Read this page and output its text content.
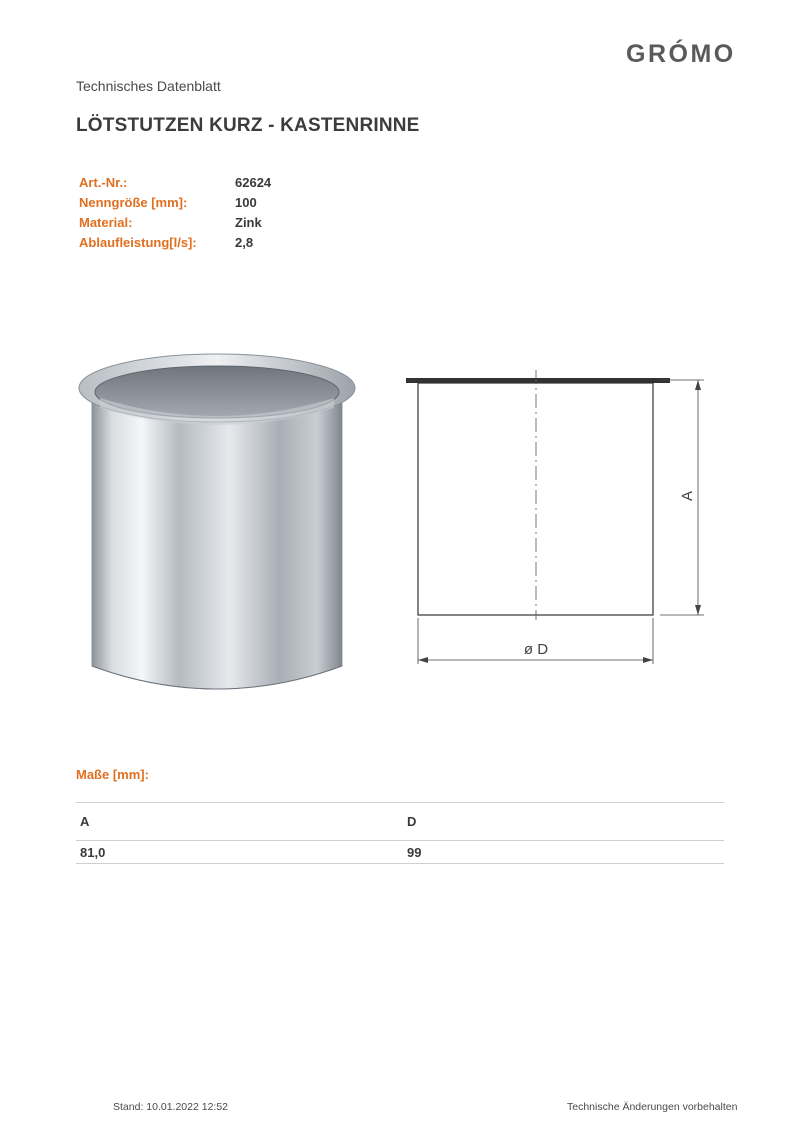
GRÓMO
Technisches Datenblatt
LÖTSTUTZEN KURZ - KASTENRINNE
Art.-Nr.:	62624
Nenngröße [mm]:	100
Material:	Zink
Ablaufleistung[l/s]:	2,8
A
ø D
Maße [mm]:
A	D
81,0	99
Stand: 10.01.2022 12:52	Technische Änderungen vorbehalten
